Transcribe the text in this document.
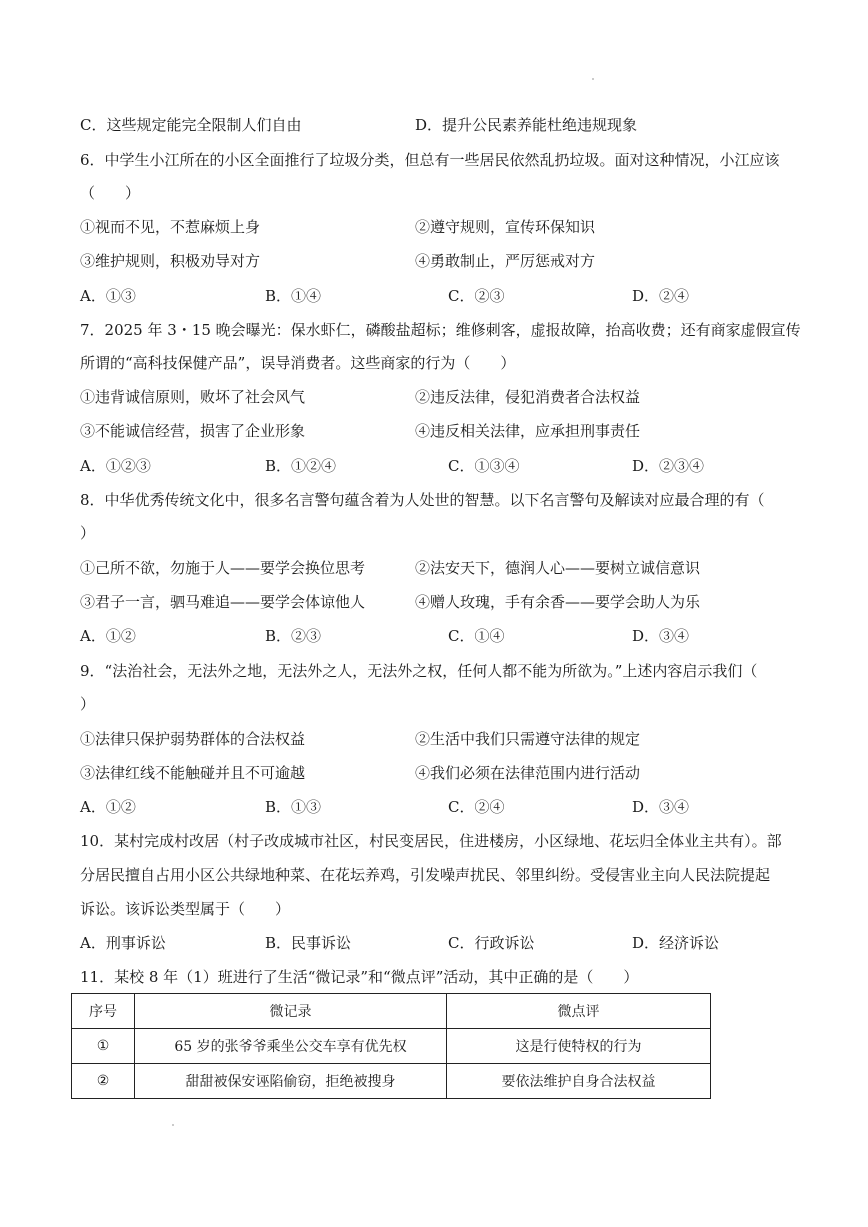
C．这些规定能完全限制人们自由	D．提升公民素养能杜绝违规现象
6．中学生小江所在的小区全面推行了垃圾分类，但总有一些居民依然乱扔垃圾。面对这种情况，小江应该
（　　）
①视而不见，不惹麻烦上身	②遵守规则，宣传环保知识
③维护规则，积极劝导对方	④勇敢制止，严厉惩戒对方
A．①③	B．①④	C．②③	D．②④
7．2025 年 3・15 晚会曝光：保水虾仁，磷酸盐超标；维修刺客，虚报故障，抬高收费；还有商家虚假宣传
所谓的“高科技保健产品”，误导消费者。这些商家的行为（　　）
①违背诚信原则，败坏了社会风气	②违反法律，侵犯消费者合法权益
③不能诚信经营，损害了企业形象	④违反相关法律，应承担刑事责任
A．①②③	B．①②④	C．①③④	D．②③④
8．中华优秀传统文化中，很多名言警句蕴含着为人处世的智慧。以下名言警句及解读对应最合理的有（
）
①己所不欲，勿施于人——要学会换位思考	②法安天下，德润人心——要树立诚信意识
③君子一言，驷马难追——要学会体谅他人	④赠人玫瑰，手有余香——要学会助人为乐
A．①②	B．②③	C．①④	D．③④
9．“法治社会，无法外之地，无法外之人，无法外之权，任何人都不能为所欲为。”上述内容启示我们（
）
①法律只保护弱势群体的合法权益	②生活中我们只需遵守法律的规定
③法律红线不能触碰并且不可逾越	④我们必须在法律范围内进行活动
A．①②	B．①③	C．②④	D．③④
10．某村完成村改居（村子改成城市社区，村民变居民，住进楼房，小区绿地、花坛归全体业主共有）。部
分居民擅自占用小区公共绿地种菜、在花坛养鸡，引发噪声扰民、邻里纠纷。受侵害业主向人民法院提起
诉讼。该诉讼类型属于（　　）
A．刑事诉讼	B．民事诉讼	C．行政诉讼	D．经济诉讼
11．某校 8 年（1）班进行了生活“微记录”和“微点评”活动，其中正确的是（　　）
序号	微记录	微点评
①	65 岁的张爷爷乘坐公交车享有优先权	这是行使特权的行为
②	甜甜被保安诬陷偷窃，拒绝被搜身	要依法维护自身合法权益
